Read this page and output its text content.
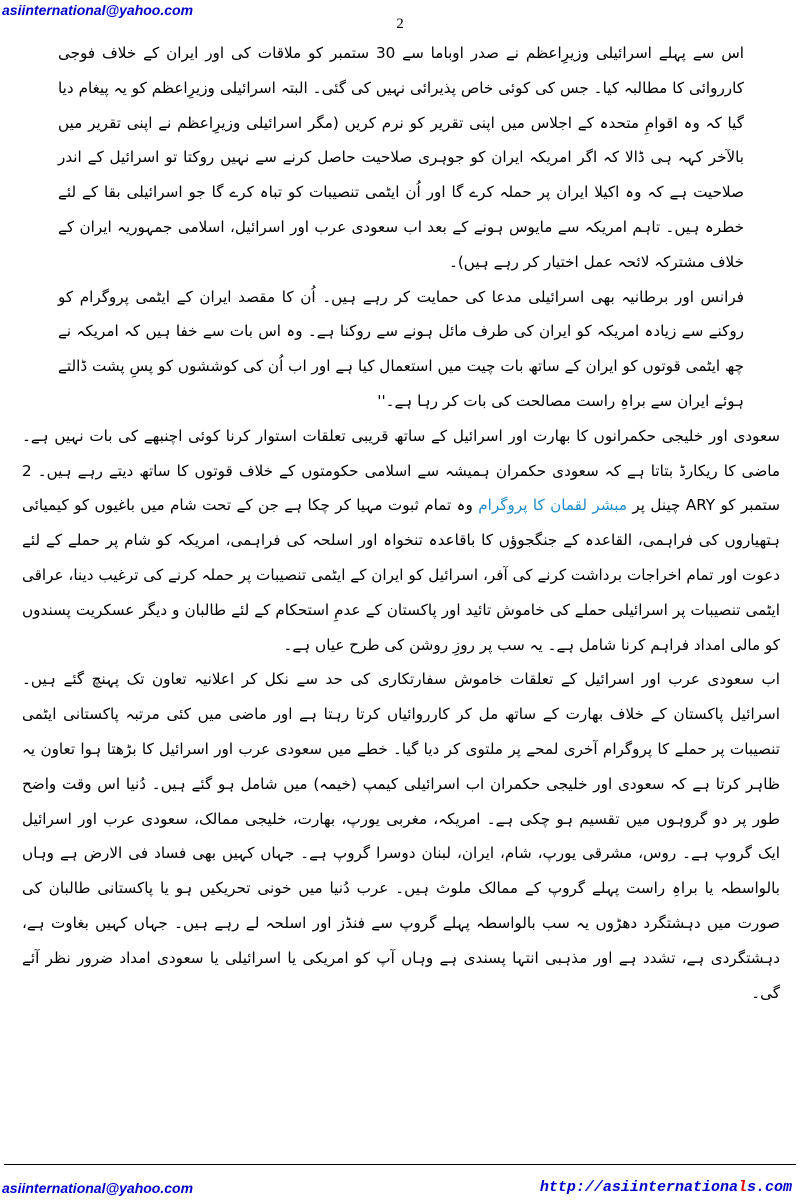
asiinternational@yahoo.com
2

اس سے پہلے اسرائیلی وزیرِاعظم نے صدر اوباما سے 30 ستمبر کو ملاقات کی اور ایران کے خلاف فوجی کارروائی کا مطالبہ کیا۔ جس کی کوئی خاص پذیرائی نہیں کی گئی۔ البتہ اسرائیلی وزیرِاعظم کو یہ پیغام دیا گیا کہ وہ اقوامِ متحدہ کے اجلاس میں اپنی تقریر کو نرم کریں (مگر اسرائیلی وزیرِاعظم نے اپنی تقریر میں بالآخر کہہ ہی ڈالا کہ اگر امریکہ ایران کو جوہری صلاحیت حاصل کرنے سے نہیں روکتا تو اسرائیل کے اندر صلاحیت ہے کہ وہ اکیلا ایران پر حملہ کرے گا اور اُن ایٹمی تنصیبات کو تباہ کرے گا جو اسرائیلی بقا کے لئے خطرہ ہیں۔ تاہم امریکہ سے مایوس ہونے کے بعد اب سعودی عرب اور اسرائیل، اسلامی جمہوریہ ایران کے خلاف مشترکہ لائحہ عمل اختیار کر رہے ہیں)۔

فرانس اور برطانیہ بھی اسرائیلی مدعا کی حمایت کر رہے ہیں۔ اُن کا مقصد ایران کے ایٹمی پروگرام کو روکنے سے زیادہ امریکہ کو ایران کی طرف مائل ہونے سے روکنا ہے۔ وہ اس بات سے خفا ہیں کہ امریکہ نے چھ ایٹمی قوتوں کو ایران کے ساتھ بات چیت میں استعمال کیا ہے اور اب اُن کی کوششوں کو پسِ پشت ڈالتے ہوئے ایران سے براہِ راست مصالحت کی بات کر رہا ہے۔''

سعودی اور خلیجی حکمرانوں کا بھارت اور اسرائیل کے ساتھ قریبی تعلقات استوار کرنا کوئی اچنبھے کی بات نہیں ہے۔ ماضی کا ریکارڈ بتاتا ہے کہ سعودی حکمران ہمیشہ سے اسلامی حکومتوں کے خلاف قوتوں کا ساتھ دیتے رہے ہیں۔ 2 ستمبر کو ARY چینل پر مبشر لقمان کا پروگرام وہ تمام ثبوت مہیا کر چکا ہے جن کے تحت شام میں باغیوں کو کیمیائی ہتھیاروں کی فراہمی، القاعدہ کے جنگجوؤں کا باقاعدہ تنخواہ اور اسلحہ کی فراہمی، امریکہ کو شام پر حملے کے لئے دعوت اور تمام اخراجات برداشت کرنے کی آفر، اسرائیل کو ایران کے ایٹمی تنصیبات پر حملہ کرنے کی ترغیب دینا، عراقی ایٹمی تنصیبات پر اسرائیلی حملے کی خاموش تائید اور پاکستان کے عدمِ استحکام کے لئے طالبان و دیگر عسکریت پسندوں کو مالی امداد فراہم کرنا شامل ہے۔ یہ سب پر روزِ روشن کی طرح عیاں ہے۔

اب سعودی عرب اور اسرائیل کے تعلقات خاموش سفارتکاری کی حد سے نکل کر اعلانیہ تعاون تک پہنچ گئے ہیں۔ اسرائیل پاکستان کے خلاف بھارت کے ساتھ مل کر کارروائیاں کرتا رہتا ہے اور ماضی میں کئی مرتبہ پاکستانی ایٹمی تنصیبات پر حملے کا پروگرام آخری لمحے پر ملتوی کر دیا گیا۔ خطے میں سعودی عرب اور اسرائیل کا بڑھتا ہوا تعاون یہ ظاہر کرتا ہے کہ سعودی اور خلیجی حکمران اب اسرائیلی کیمپ (خیمہ) میں شامل ہو گئے ہیں۔ دُنیا اس وقت واضح طور پر دو گروہوں میں تقسیم ہو چکی ہے۔ امریکہ، مغربی یورپ، بھارت، خلیجی ممالک، سعودی عرب اور اسرائیل ایک گروپ ہے۔ روس، مشرقی یورپ، شام، ایران، لبنان دوسرا گروپ ہے۔ جہاں کہیں بھی فساد فی الارض ہے وہاں بالواسطہ یا براہِ راست پہلے گروپ کے ممالک ملوث ہیں۔ عرب دُنیا میں خونی تحریکیں ہو یا پاکستانی طالبان کی صورت میں دہشتگرد دھڑوں یہ سب بالواسطہ پہلے گروپ سے فنڈز اور اسلحہ لے رہے ہیں۔ جہاں کہیں بغاوت ہے، دہشتگردی ہے، تشدد ہے اور مذہبی انتہا پسندی ہے وہاں آپ کو امریکی یا اسرائیلی یا سعودی امداد ضرور نظر آئے گی۔

asiinternational@yahoo.com	http://asiinternationals.com
